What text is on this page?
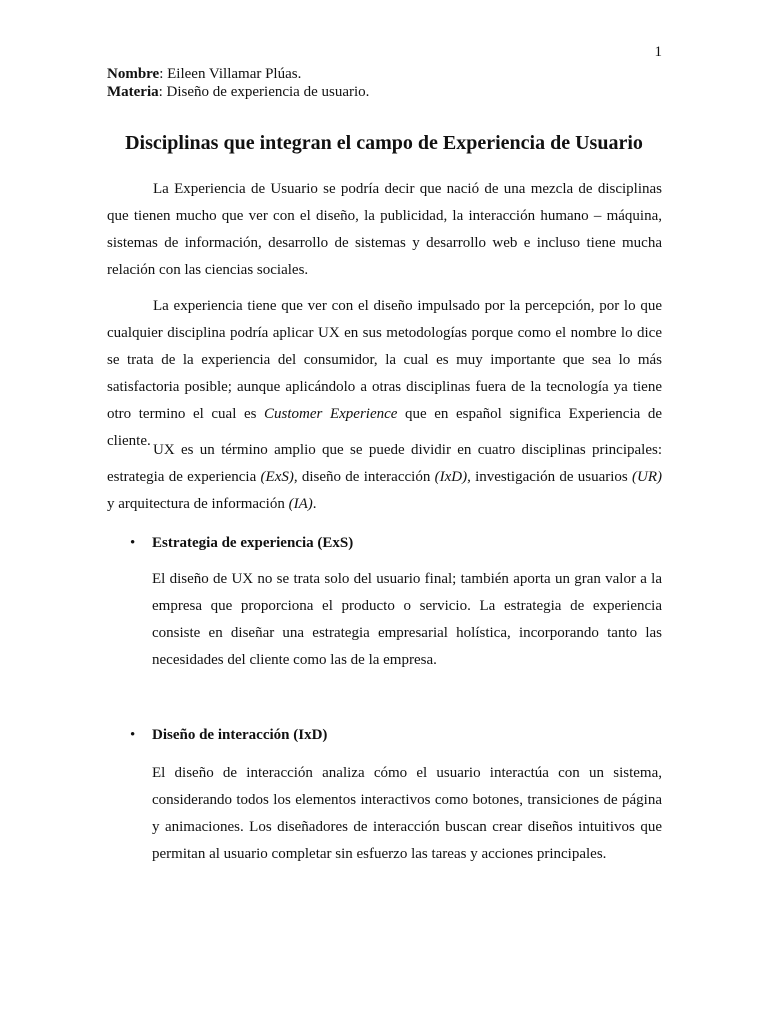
1
Nombre: Eileen Villamar Plúas.
Materia: Diseño de experiencia de usuario.
Disciplinas que integran el campo de Experiencia de Usuario

La Experiencia de Usuario se podría decir que nació de una mezcla de disciplinas que tienen mucho que ver con el diseño, la publicidad, la interacción humano – máquina, sistemas de información, desarrollo de sistemas y desarrollo web e incluso tiene mucha relación con las ciencias sociales.

La experiencia tiene que ver con el diseño impulsado por la percepción, por lo que cualquier disciplina podría aplicar UX en sus metodologías porque como el nombre lo dice se trata de la experiencia del consumidor, la cual es muy importante que sea lo más satisfactoria posible; aunque aplicándolo a otras disciplinas fuera de la tecnología ya tiene otro termino el cual es Customer Experience que en español significa Experiencia de cliente.

UX es un término amplio que se puede dividir en cuatro disciplinas principales: estrategia de experiencia (ExS), diseño de interacción (IxD), investigación de usuarios (UR) y arquitectura de información (IA).

• Estrategia de experiencia (ExS)

El diseño de UX no se trata solo del usuario final; también aporta un gran valor a la empresa que proporciona el producto o servicio. La estrategia de experiencia consiste en diseñar una estrategia empresarial holística, incorporando tanto las necesidades del cliente como las de la empresa.

• Diseño de interacción (IxD)

El diseño de interacción analiza cómo el usuario interactúa con un sistema, considerando todos los elementos interactivos como botones, transiciones de página y animaciones. Los diseñadores de interacción buscan crear diseños intuitivos que permitan al usuario completar sin esfuerzo las tareas y acciones principales.
